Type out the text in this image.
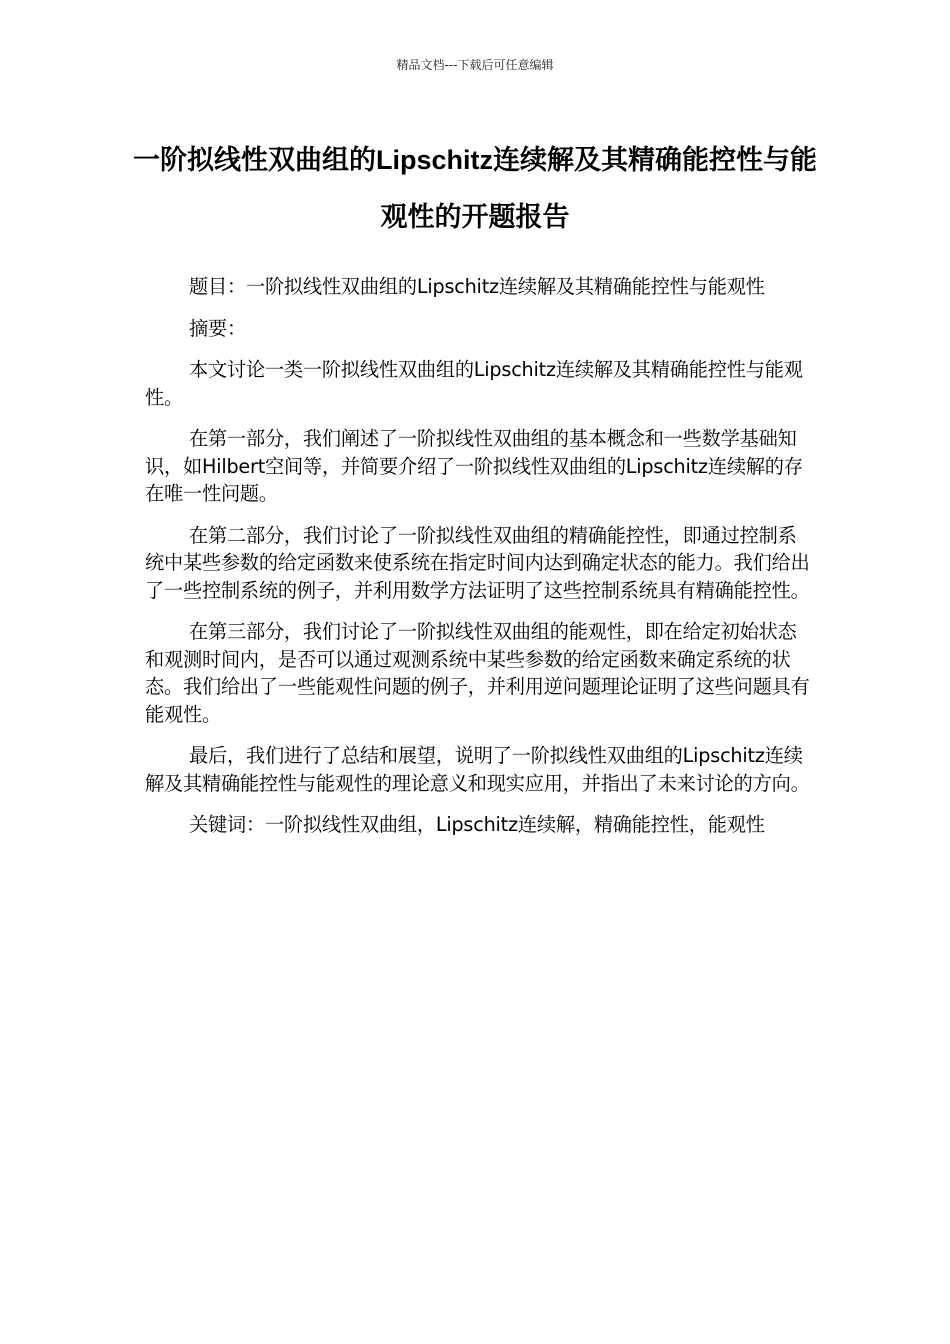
精品文档---下载后可任意编辑
一阶拟线性双曲组的Lipschitz连续解及其精确能控性与能观性的开题报告

题目：一阶拟线性双曲组的Lipschitz连续解及其精确能控性与能观性

摘要：

本文讨论一类一阶拟线性双曲组的Lipschitz连续解及其精确能控性与能观性。

在第一部分，我们阐述了一阶拟线性双曲组的基本概念和一些数学基础知识，如Hilbert空间等，并简要介绍了一阶拟线性双曲组的Lipschitz连续解的存在唯一性问题。

在第二部分，我们讨论了一阶拟线性双曲组的精确能控性，即通过控制系统中某些参数的给定函数来使系统在指定时间内达到确定状态的能力。我们给出了一些控制系统的例子，并利用数学方法证明了这些控制系统具有精确能控性。

在第三部分，我们讨论了一阶拟线性双曲组的能观性，即在给定初始状态和观测时间内，是否可以通过观测系统中某些参数的给定函数来确定系统的状态。我们给出了一些能观性问题的例子，并利用逆问题理论证明了这些问题具有能观性。

最后，我们进行了总结和展望，说明了一阶拟线性双曲组的Lipschitz连续解及其精确能控性与能观性的理论意义和现实应用，并指出了未来讨论的方向。

关键词：一阶拟线性双曲组，Lipschitz连续解，精确能控性，能观性
